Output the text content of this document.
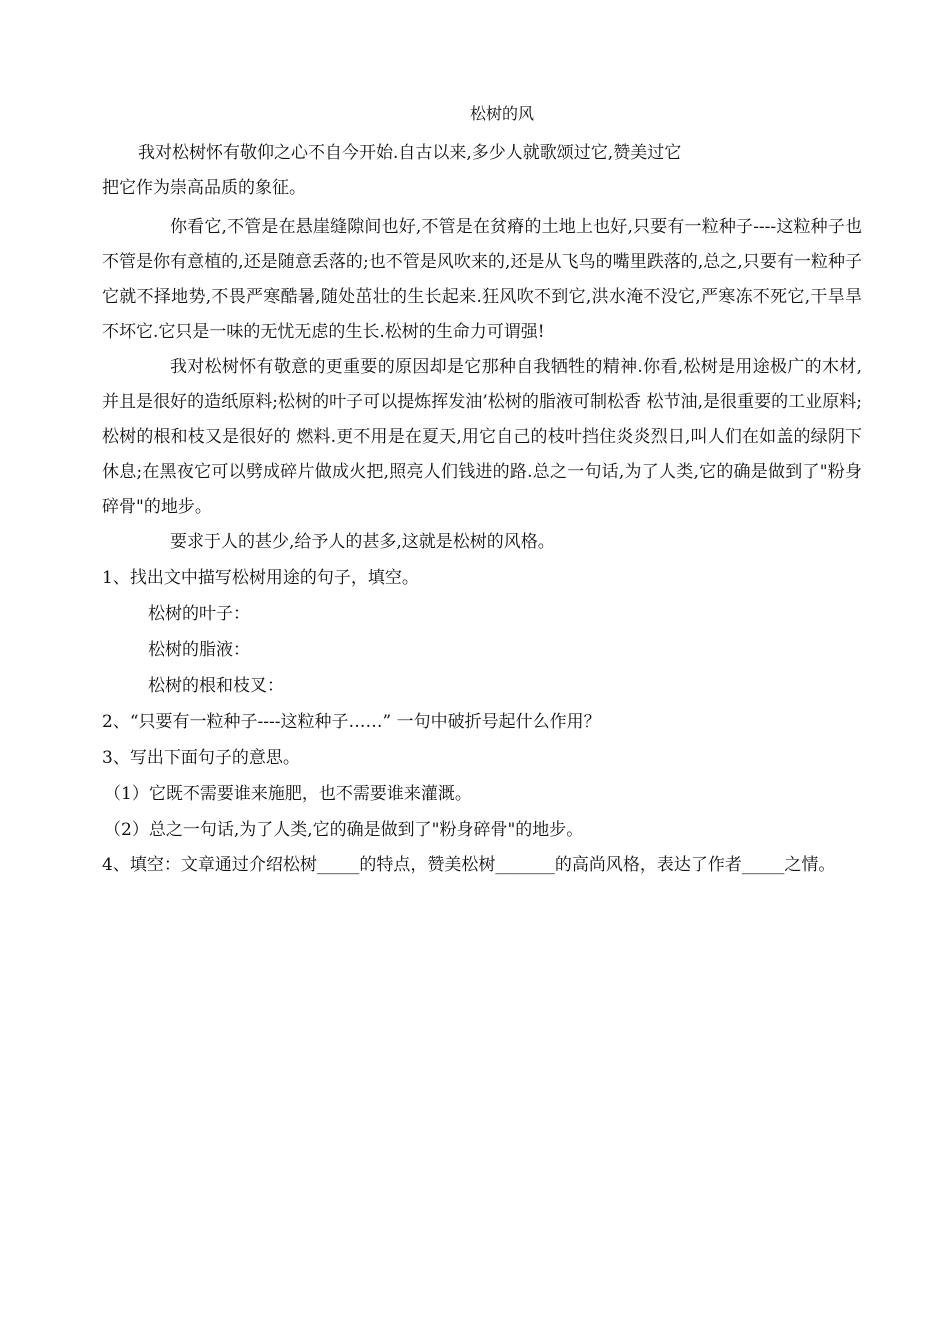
松树的风

我对松树怀有敬仰之心不自今开始.自古以来,多少人就歌颂过它,赞美过它

把它作为崇高品质的象征。

你看它,不管是在悬崖缝隙间也好,不管是在贫瘠的土地上也好,只要有一粒种子----这粒种子也不管是你有意植的,还是随意丢落的;也不管是风吹来的,还是从飞鸟的嘴里跌落的,总之,只要有一粒种子它就不择地势,不畏严寒酷暑,随处茁壮的生长起来.狂风吹不到它,洪水淹不没它,严寒冻不死它,干旱旱不坏它.它只是一味的无忧无虑的生长.松树的生命力可谓强!

我对松树怀有敬意的更重要的原因却是它那种自我牺牲的精神.你看,松树是用途极广的木材,并且是很好的造纸原料;松树的叶子可以提炼挥发油’松树的脂液可制松香 松节油,是很重要的工业原料;松树的根和枝又是很好的 燃料.更不用是在夏天,用它自己的枝叶挡住炎炎烈日,叫人们在如盖的绿阴下休息;在黑夜它可以劈成碎片做成火把,照亮人们钱进的路.总之一句话,为了人类,它的确是做到了"粉身碎骨"的地步。

要求于人的甚少,给予人的甚多,这就是松树的风格。

1、找出文中描写松树用途的句子，填空。

松树的叶子：

松树的脂液：

松树的根和枝叉：

2、“只要有一粒种子----这粒种子……” 一句中破折号起什么作用？

3、写出下面句子的意思。

（1）它既不需要谁来施肥，也不需要谁来灌溉。

（2）总之一句话,为了人类,它的确是做到了"粉身碎骨"的地步。

4、填空：文章通过介绍松树_____的特点，赞美松树_______的高尚风格，表达了作者_____之情。
